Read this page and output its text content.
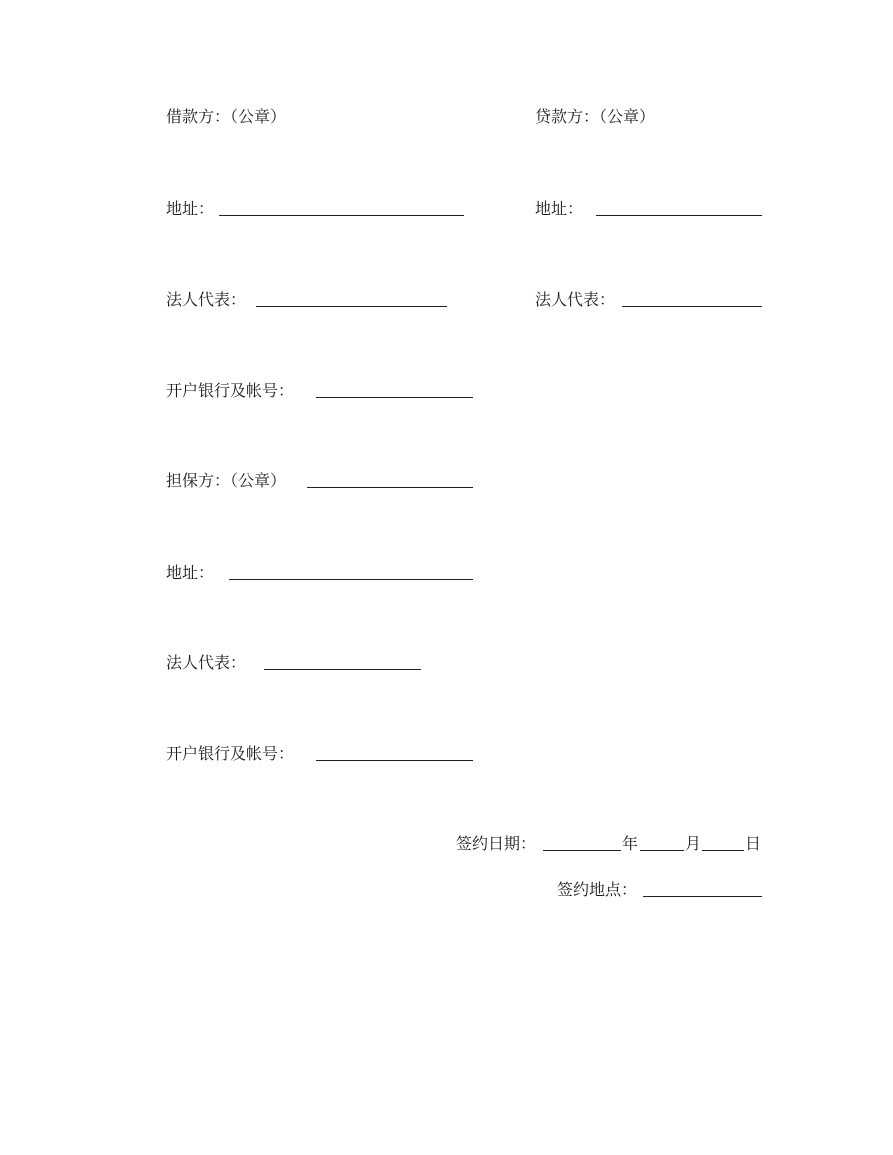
借款方：（公章）	贷款方：（公章）
地址：	地址：
法人代表：	法人代表：
开户银行及帐号：
担保方：（公章）
地址：
法人代表：
开户银行及帐号：
签约日期：	年	月	日
签约地点：
